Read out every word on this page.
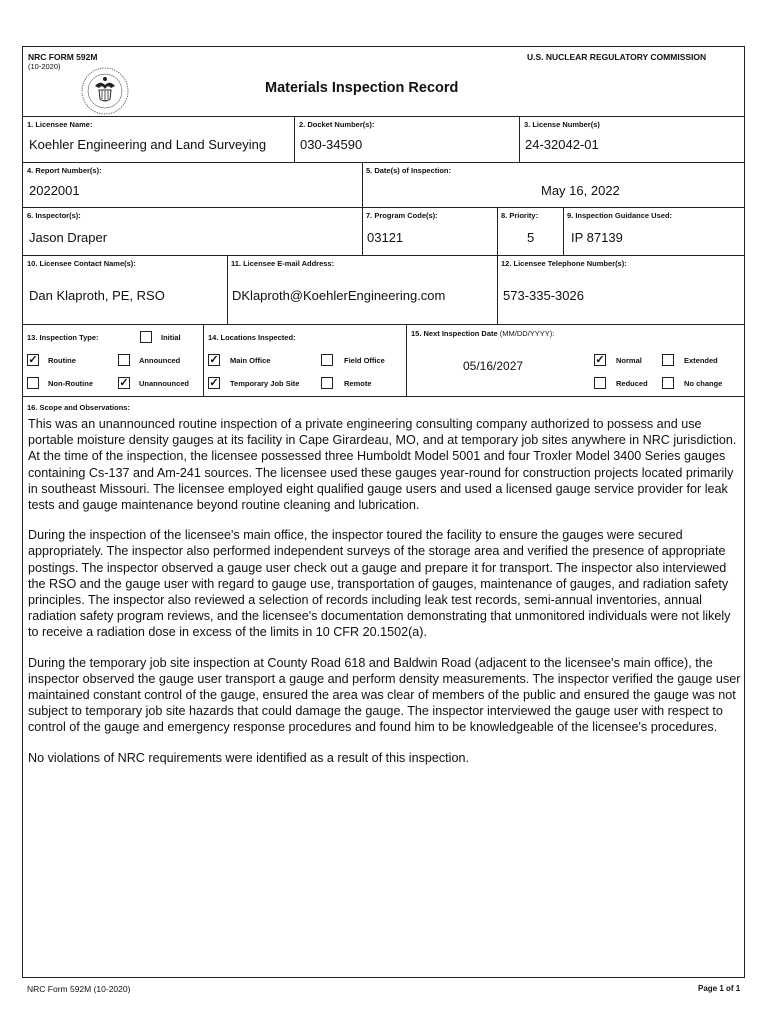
NRC FORM 592M
(10-2020)
U.S. NUCLEAR REGULATORY COMMISSION
Materials Inspection Record
1. Licensee Name:
Koehler Engineering and Land Surveying
2. Docket Number(s):
030-34590
3. License Number(s)
24-32042-01
4. Report Number(s):
2022001
5. Date(s) of Inspection:
May 16, 2022
6. Inspector(s):
Jason Draper
7. Program Code(s):
03121
8. Priority:
5
9. Inspection Guidance Used:
IP 87139
10. Licensee Contact Name(s):
Dan Klaproth, PE, RSO
11. Licensee E-mail Address:
DKlaproth@KoehlerEngineering.com
12. Licensee Telephone Number(s):
573-335-3026
13. Inspection Type:	Initial
✓ Routine	Announced
Non-Routine ✓ Unannounced
14. Locations Inspected:
✓ Main Office	Field Office
✓ Temporary Job Site	Remote
15. Next Inspection Date (MM/DD/YYYY):
05/16/2027	✓ Normal	Extended
Reduced	No change
16. Scope and Observations:

This was an unannounced routine inspection of a private engineering consulting company authorized to possess and use portable moisture density gauges at its facility in Cape Girardeau, MO, and at temporary job sites anywhere in NRC jurisdiction. At the time of the inspection, the licensee possessed three Humboldt Model 5001 and four Troxler Model 3400 Series gauges containing Cs-137 and Am-241 sources. The licensee used these gauges year-round for construction projects located primarily in southeast Missouri. The licensee employed eight qualified gauge users and used a licensed gauge service provider for leak tests and gauge maintenance beyond routine cleaning and lubrication.

During the inspection of the licensee's main office, the inspector toured the facility to ensure the gauges were secured appropriately. The inspector also performed independent surveys of the storage area and verified the presence of appropriate postings. The inspector observed a gauge user check out a gauge and prepare it for transport. The inspector also interviewed the RSO and the gauge user with regard to gauge use, transportation of gauges, maintenance of gauges, and radiation safety principles. The inspector also reviewed a selection of records including leak test records, semi-annual inventories, annual radiation safety program reviews, and the licensee's documentation demonstrating that unmonitored individuals were not likely to receive a radiation dose in excess of the limits in 10 CFR 20.1502(a).

During the temporary job site inspection at County Road 618 and Baldwin Road (adjacent to the licensee's main office), the inspector observed the gauge user transport a gauge and perform density measurements. The inspector verified the gauge user maintained constant control of the gauge, ensured the area was clear of members of the public and ensured the gauge was not subject to temporary job site hazards that could damage the gauge. The inspector interviewed the gauge user with respect to control of the gauge and emergency response procedures and found him to be knowledgeable of the licensee's procedures.

No violations of NRC requirements were identified as a result of this inspection.

NRC Form 592M (10-2020)	Page 1 of 1
